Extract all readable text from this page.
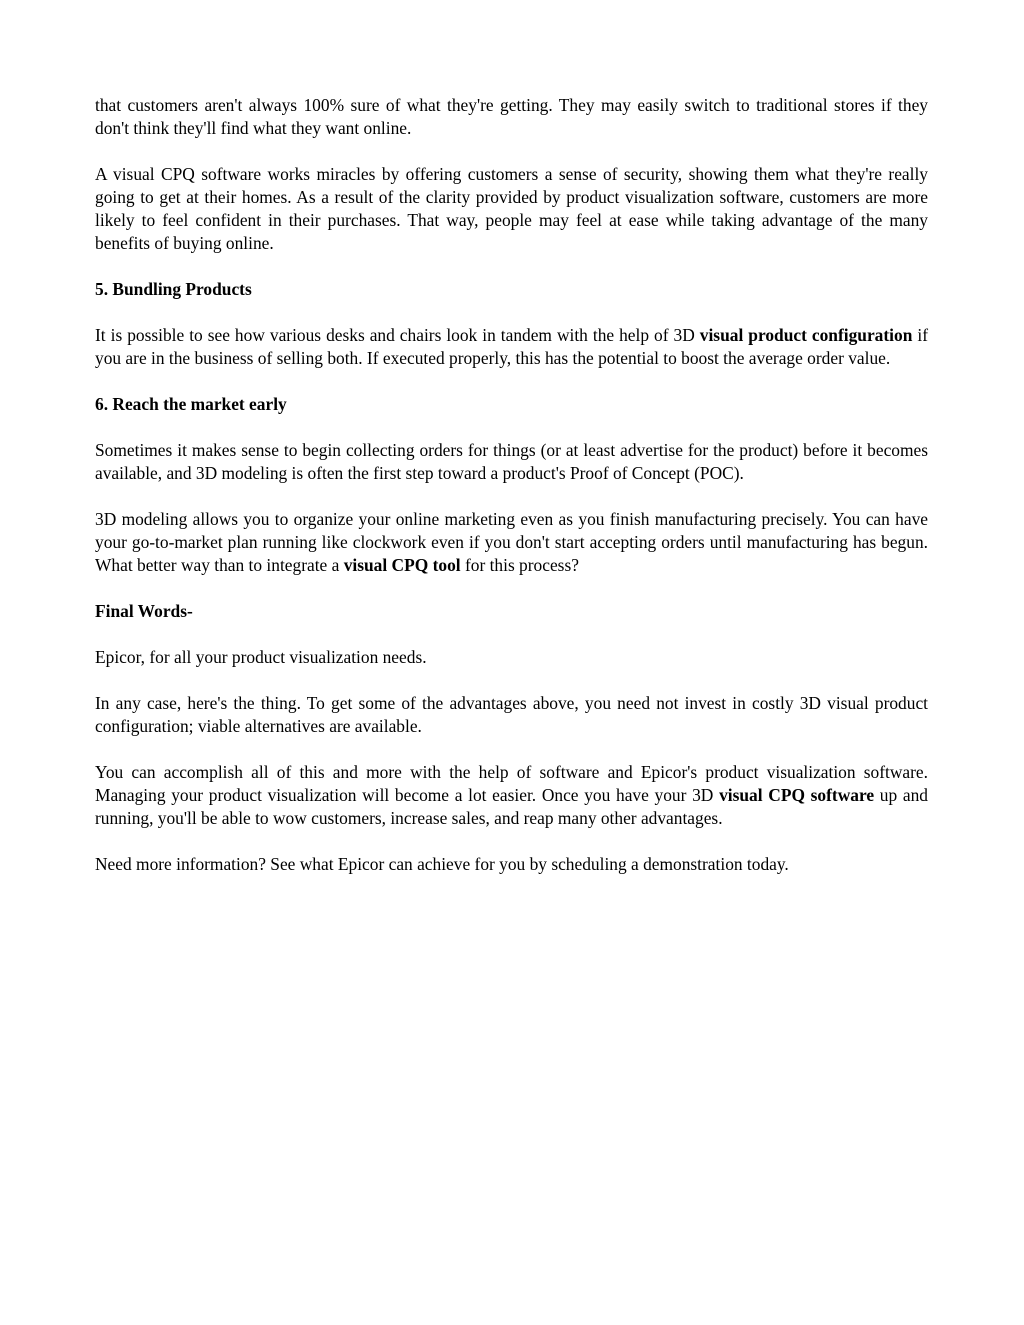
that customers aren't always 100% sure of what they're getting. They may easily switch to traditional stores if they don't think they'll find what they want online.

A visual CPQ software works miracles by offering customers a sense of security, showing them what they're really going to get at their homes. As a result of the clarity provided by product visualization software, customers are more likely to feel confident in their purchases. That way, people may feel at ease while taking advantage of the many benefits of buying online.

5. Bundling Products

It is possible to see how various desks and chairs look in tandem with the help of 3D visual product configuration if you are in the business of selling both. If executed properly, this has the potential to boost the average order value.

6. Reach the market early

Sometimes it makes sense to begin collecting orders for things (or at least advertise for the product) before it becomes available, and 3D modeling is often the first step toward a product's Proof of Concept (POC).

3D modeling allows you to organize your online marketing even as you finish manufacturing precisely. You can have your go-to-market plan running like clockwork even if you don't start accepting orders until manufacturing has begun. What better way than to integrate a visual CPQ tool for this process?

Final Words-

Epicor, for all your product visualization needs.

In any case, here's the thing. To get some of the advantages above, you need not invest in costly 3D visual product configuration; viable alternatives are available.

You can accomplish all of this and more with the help of software and Epicor's product visualization software. Managing your product visualization will become a lot easier. Once you have your 3D visual CPQ software up and running, you'll be able to wow customers, increase sales, and reap many other advantages.

Need more information? See what Epicor can achieve for you by scheduling a demonstration today.
